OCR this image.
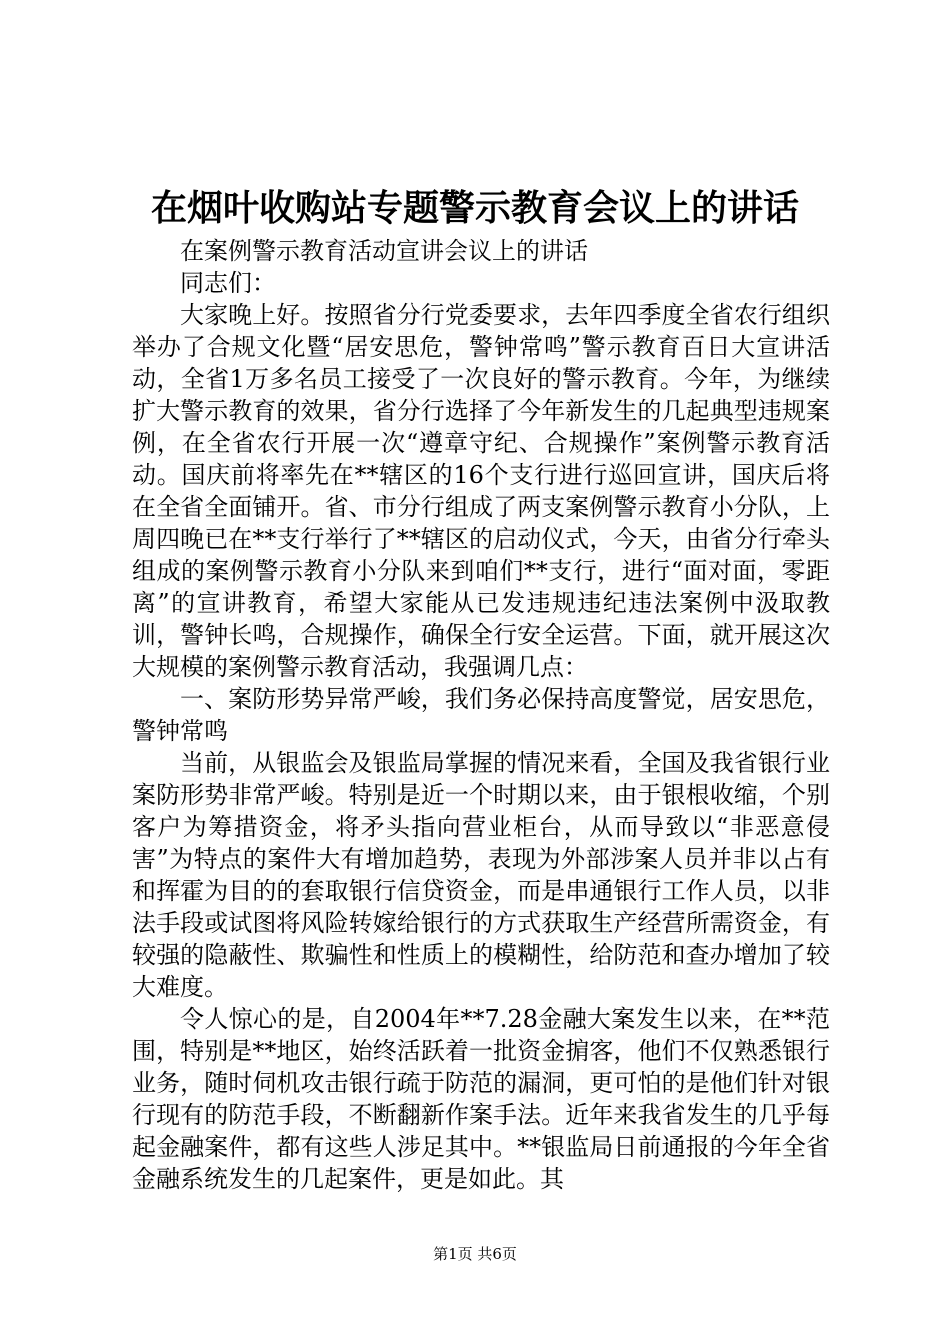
在烟叶收购站专题警示教育会议上的讲话

在案例警示教育活动宣讲会议上的讲话

同志们：

大家晚上好。按照省分行党委要求，去年四季度全省农行组织举办了合规文化暨“居安思危，警钟常鸣”警示教育百日大宣讲活动，全省1万多名员工接受了一次良好的警示教育。今年，为继续扩大警示教育的效果，省分行选择了今年新发生的几起典型违规案例，在全省农行开展一次“遵章守纪、合规操作”案例警示教育活动。国庆前将率先在**辖区的16个支行进行巡回宣讲，国庆后将在全省全面铺开。省、市分行组成了两支案例警示教育小分队，上周四晚已在**支行举行了**辖区的启动仪式，今天，由省分行牵头组成的案例警示教育小分队来到咱们**支行，进行“面对面，零距离”的宣讲教育，希望大家能从已发违规违纪违法案例中汲取教训，警钟长鸣，合规操作，确保全行安全运营。下面，就开展这次大规模的案例警示教育活动，我强调几点：

一、案防形势异常严峻，我们务必保持高度警觉，居安思危，警钟常鸣

当前，从银监会及银监局掌握的情况来看，全国及我省银行业案防形势非常严峻。特别是近一个时期以来，由于银根收缩，个别客户为筹措资金，将矛头指向营业柜台，从而导致以“非恶意侵害”为特点的案件大有增加趋势，表现为外部涉案人员并非以占有和挥霍为目的的套取银行信贷资金，而是串通银行工作人员，以非法手段或试图将风险转嫁给银行的方式获取生产经营所需资金，有较强的隐蔽性、欺骗性和性质上的模糊性，给防范和查办增加了较大难度。

令人惊心的是，自2004年**7.28金融大案发生以来，在**范围，特别是**地区，始终活跃着一批资金掮客，他们不仅熟悉银行业务，随时伺机攻击银行疏于防范的漏洞，更可怕的是他们针对银行现有的防范手段，不断翻新作案手法。近年来我省发生的几乎每起金融案件，都有这些人涉足其中。**银监局日前通报的今年全省金融系统发生的几起案件，更是如此。其

第1页 共6页
